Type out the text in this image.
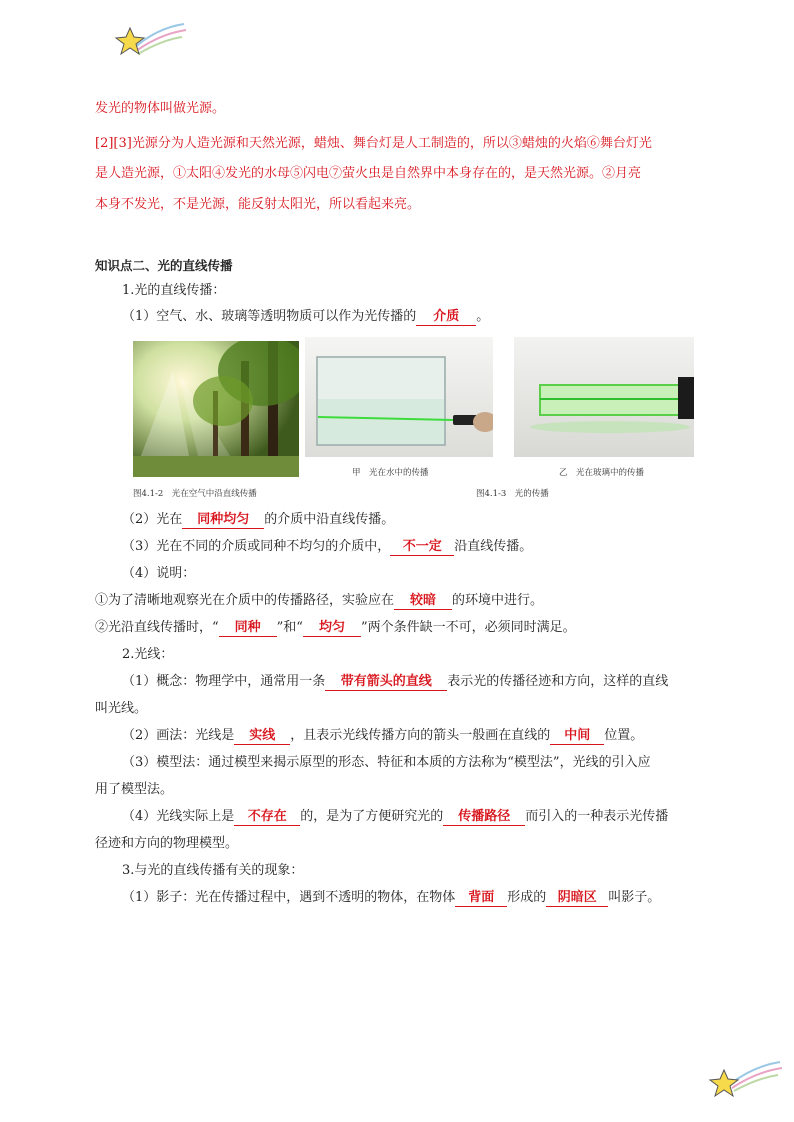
发光的物体叫做光源。
[2][3]光源分为人造光源和天然光源，蜡烛、舞台灯是人工制造的，所以③蜡烛的火焰⑥舞台灯光
是人造光源，①太阳④发光的水母⑤闪电⑦萤火虫是自然界中本身存在的，是天然光源。②月亮
本身不发光，不是光源，能反射太阳光，所以看起来亮。
知识点二、光的直线传播
1.光的直线传播：
（1）空气、水、玻璃等透明物质可以作为光传播的 介质 。
图4.1-2　光在空气中沿直线传播
甲　光在水中的传播	乙　光在玻璃中的传播
图4.1-3　光的传播
（2）光在 同种均匀 的介质中沿直线传播。
（3）光在不同的介质或同种不均匀的介质中， 不一定 沿直线传播。
（4）说明：
①为了清晰地观察光在介质中的传播路径，实验应在 较暗 的环境中进行。
②光沿直线传播时，“ 同种 ”和“ 均匀 ”两个条件缺一不可，必须同时满足。
2.光线：
（1）概念：物理学中，通常用一条 带有箭头的直线 表示光的传播径迹和方向，这样的直线
叫光线。
（2）画法：光线是 实线 ，且表示光线传播方向的箭头一般画在直线的 中间 位置。
（3）模型法：通过模型来揭示原型的形态、特征和本质的方法称为“模型法”，光线的引入应
用了模型法。
（4）光线实际上是 不存在 的，是为了方便研究光的 传播路径 而引入的一种表示光传播
径迹和方向的物理模型。
3.与光的直线传播有关的现象：
（1）影子：光在传播过程中，遇到不透明的物体，在物体 背面 形成的 阴暗区 叫影子。
